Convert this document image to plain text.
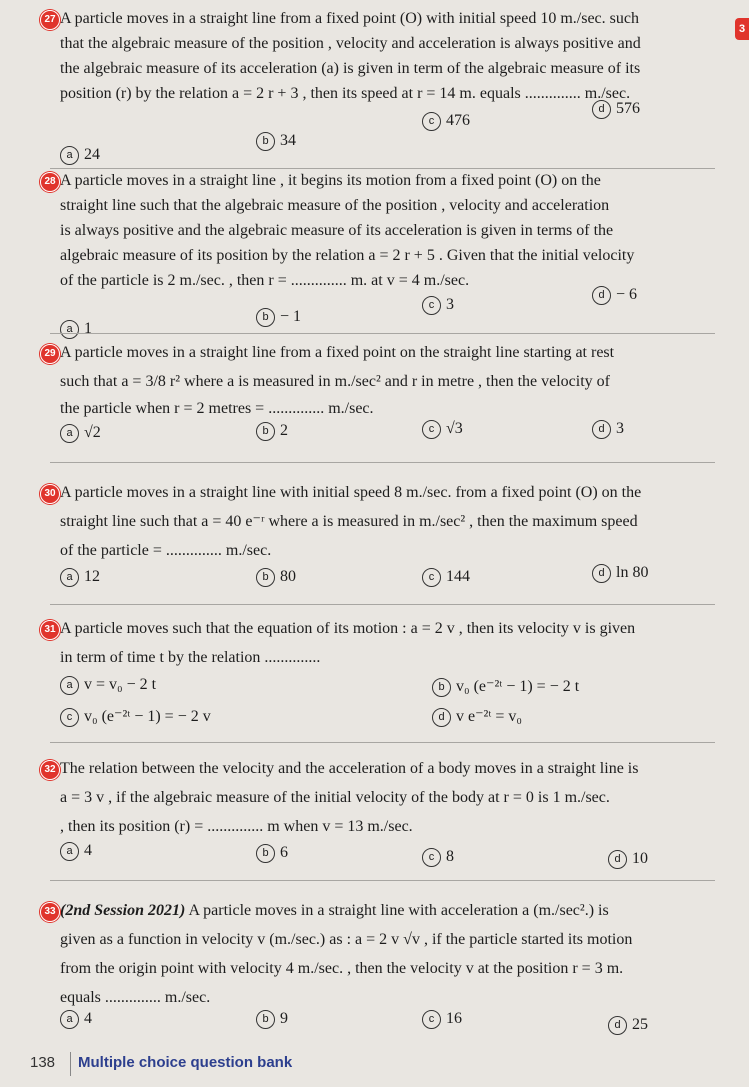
3
27 A particle moves in a straight line from a fixed point (O) with initial speed 10 m./sec. such
that the algebraic measure of the position , velocity and acceleration is always positive and
the algebraic measure of its acceleration (a) is given in term of the algebraic measure of its
position (r) by the relation a = 2 r + 3 , then its speed at r = 14 m. equals .............. m./sec.
a 24
b 34
c 476
d 576
28 A particle moves in a straight line , it begins its motion from a fixed point (O) on the
straight line such that the algebraic measure of the position , velocity and acceleration
is always positive and the algebraic measure of its acceleration is given in terms of the
algebraic measure of its position by the relation a = 2 r + 5 . Given that the initial velocity
of the particle is 2 m./sec. , then r = .............. m. at v = 4 m./sec.
a 1
b − 1
c 3
d − 6
29 A particle moves in a straight line from a fixed point on the straight line starting at rest
such that a = 3/8 r² where a is measured in m./sec² and r in metre , then the velocity of
the particle when r = 2 metres = .............. m./sec.
a √2	b 2	c √3	d 3
30 A particle moves in a straight line with initial speed 8 m./sec. from a fixed point (O) on the
straight line such that a = 40 e⁻ʳ where a is measured in m./sec² , then the maximum speed
of the particle = .............. m./sec.
a 12	b 80	c 144	d ln 80
31 A particle moves such that the equation of its motion : a = 2 v , then its velocity v is given
in term of time t by the relation ..............
a v = v₀ − 2 t	b v₀ (e⁻²ᵗ − 1) = − 2 t
c v₀ (e⁻²ᵗ − 1) = − 2 v	d v e⁻²ᵗ = v₀
32 The relation between the velocity and the acceleration of a body moves in a straight line is
a = 3 v , if the algebraic measure of the initial velocity of the body at r = 0 is 1 m./sec.
, then its position (r) = .............. m when v = 13 m./sec.
a 4	b 6	c 8	d 10
33 (2nd Session 2021) A particle moves in a straight line with acceleration a (m./sec².) is
given as a function in velocity v (m./sec.) as : a = 2 v √v , if the particle started its motion
from the origin point with velocity 4 m./sec. , then the velocity v at the position r = 3 m.
equals .............. m./sec.
a 4	b 9	c 16	d 25
138 Multiple choice question bank
